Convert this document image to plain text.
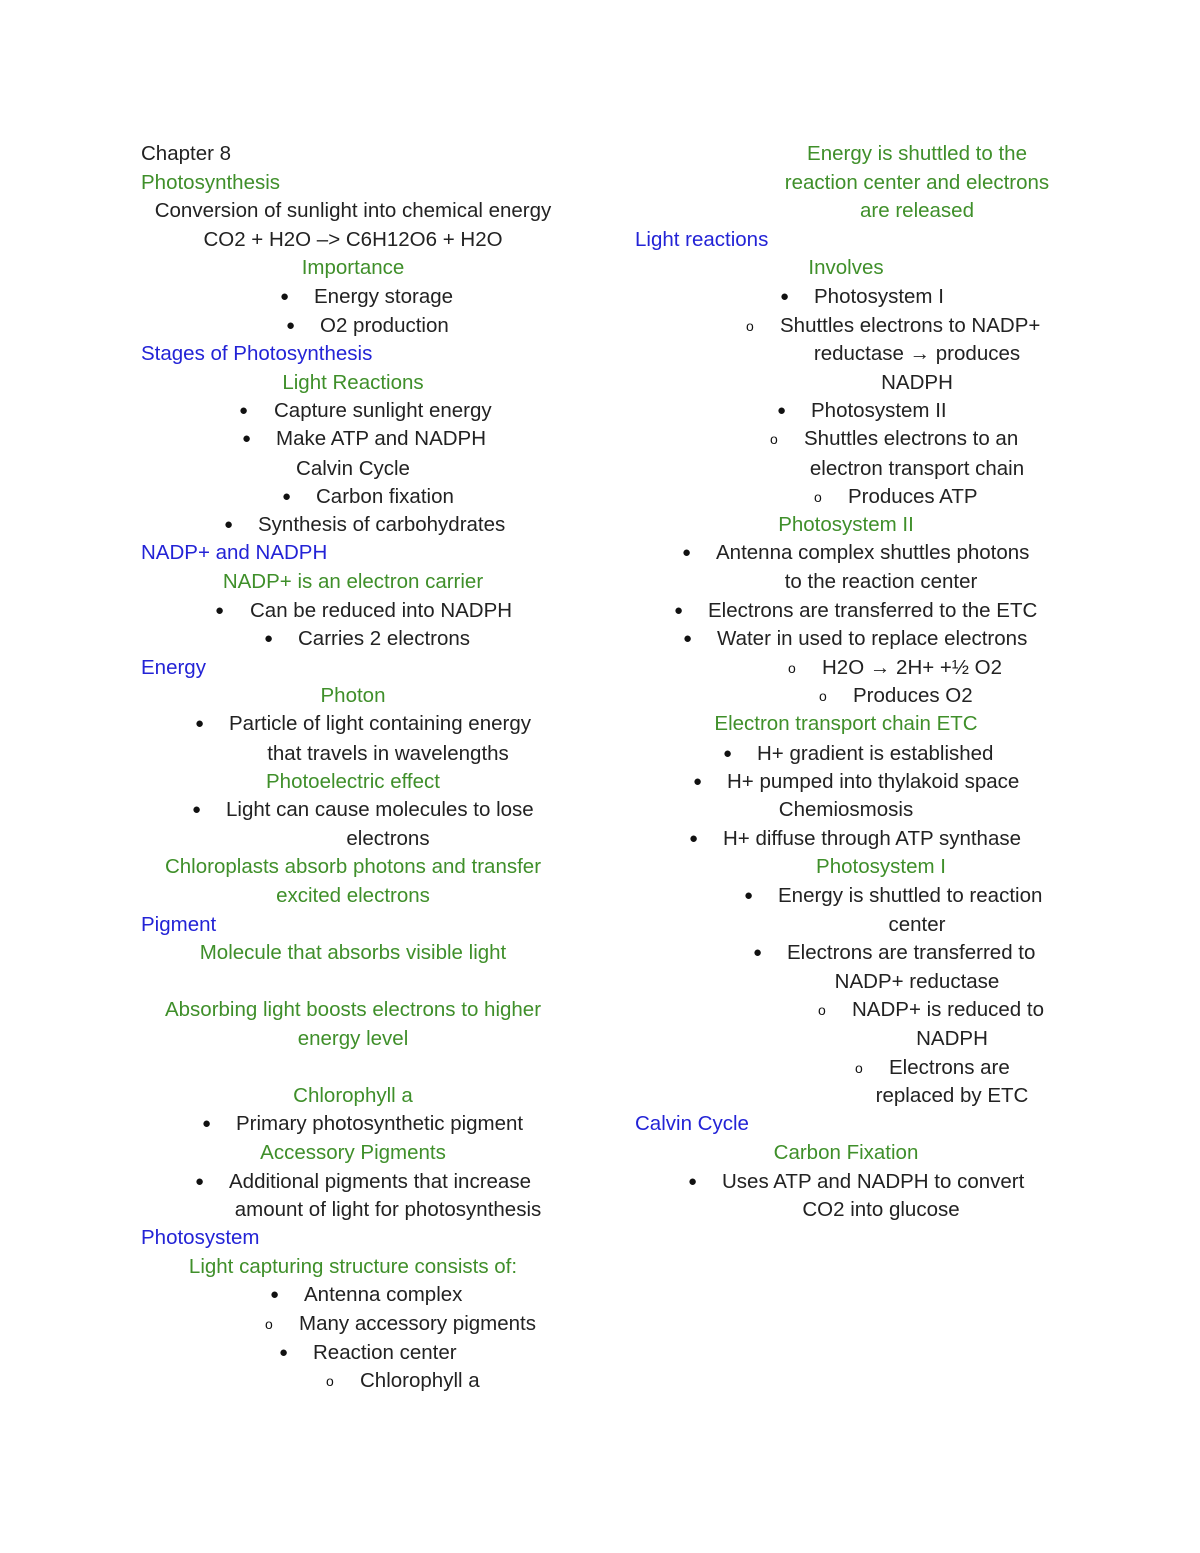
Chapter 8
Photosynthesis
Conversion of sunlight into chemical energy
CO2 + H2O –> C6H12O6 + H2O
Importance
● Energy storage
● O2 production
Stages of Photosynthesis
Light Reactions
● Capture sunlight energy
● Make ATP and NADPH
Calvin Cycle
● Carbon fixation
● Synthesis of carbohydrates
NADP+ and NADPH
NADP+ is an electron carrier
● Can be reduced into NADPH
● Carries 2 electrons
Energy
Photon
● Particle of light containing energy
that travels in wavelengths
Photoelectric effect
● Light can cause molecules to lose
electrons
Chloroplasts absorb photons and transfer
excited electrons
Pigment
Molecule that absorbs visible light
Absorbing light boosts electrons to higher
energy level
Chlorophyll a
● Primary photosynthetic pigment
Accessory Pigments
● Additional pigments that increase
amount of light for photosynthesis
Photosystem
Light capturing structure consists of:
● Antenna complex
o Many accessory pigments
● Reaction center
o Chlorophyll a
Energy is shuttled to the
reaction center and electrons
are released
Light reactions
Involves
● Photosystem I
o Shuttles electrons to NADP+
reductase → produces
NADPH
● Photosystem II
o Shuttles electrons to an
electron transport chain
o Produces ATP
Photosystem II
● Antenna complex shuttles photons
to the reaction center
● Electrons are transferred to the ETC
● Water in used to replace electrons
o H2O → 2H+ +½ O2
o Produces O2
Electron transport chain ETC
● H+ gradient is established
● H+ pumped into thylakoid space
Chemiosmosis
● H+ diffuse through ATP synthase
Photosystem I
● Energy is shuttled to reaction
center
● Electrons are transferred to
NADP+ reductase
o NADP+ is reduced to
NADPH
o Electrons are
replaced by ETC
Calvin Cycle
Carbon Fixation
● Uses ATP and NADPH to convert
CO2 into glucose
